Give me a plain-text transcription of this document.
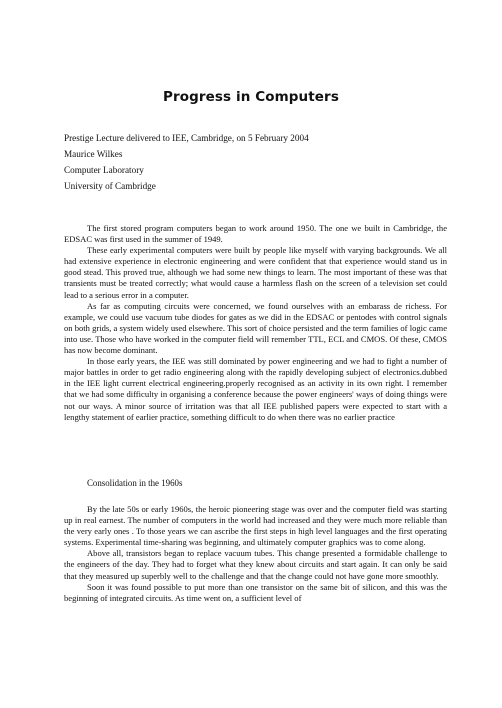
Progress in Computers
Prestige Lecture delivered to IEE, Cambridge, on 5 February 2004
Maurice Wilkes
Computer Laboratory
University of Cambridge

The first stored program computers began to work around 1950. The one we built in Cambridge, the EDSAC was first used in the summer of 1949.

These early experimental computers were built by people like myself with varying backgrounds. We all had extensive experience in electronic engineering and were confident that that experience would stand us in good stead. This proved true, although we had some new things to learn. The most important of these was that transients must be treated correctly; what would cause a harmless flash on the screen of a television set could lead to a serious error in a computer.

As far as computing circuits were concerned, we found ourselves with an embarass de richess. For example, we could use vacuum tube diodes for gates as we did in the EDSAC or pentodes with control signals on both grids, a system widely used elsewhere. This sort of choice persisted and the term families of logic came into use. Those who have worked in the computer field will remember TTL, ECL and CMOS. Of these, CMOS has now become dominant.

In those early years, the IEE was still dominated by power engineering and we had to fight a number of major battles in order to get radio engineering along with the rapidly developing subject of electronics.dubbed in the IEE light current electrical engineering.properly recognised as an activity in its own right. I remember that we had some difficulty in organising a conference because the power engineers' ways of doing things were not our ways. A minor source of irritation was that all IEE published papers were expected to start with a lengthy statement of earlier practice, something difficult to do when there was no earlier practice

Consolidation in the 1960s

By the late 50s or early 1960s, the heroic pioneering stage was over and the computer field was starting up in real earnest. The number of computers in the world had increased and they were much more reliable than the very early ones . To those years we can ascribe the first steps in high level languages and the first operating systems. Experimental time-sharing was beginning, and ultimately computer graphics was to come along.

Above all, transistors began to replace vacuum tubes. This change presented a formidable challenge to the engineers of the day. They had to forget what they knew about circuits and start again. It can only be said that they measured up superbly well to the challenge and that the change could not have gone more smoothly.

Soon it was found possible to put more than one transistor on the same bit of silicon, and this was the beginning of integrated circuits. As time went on, a sufficient level of
